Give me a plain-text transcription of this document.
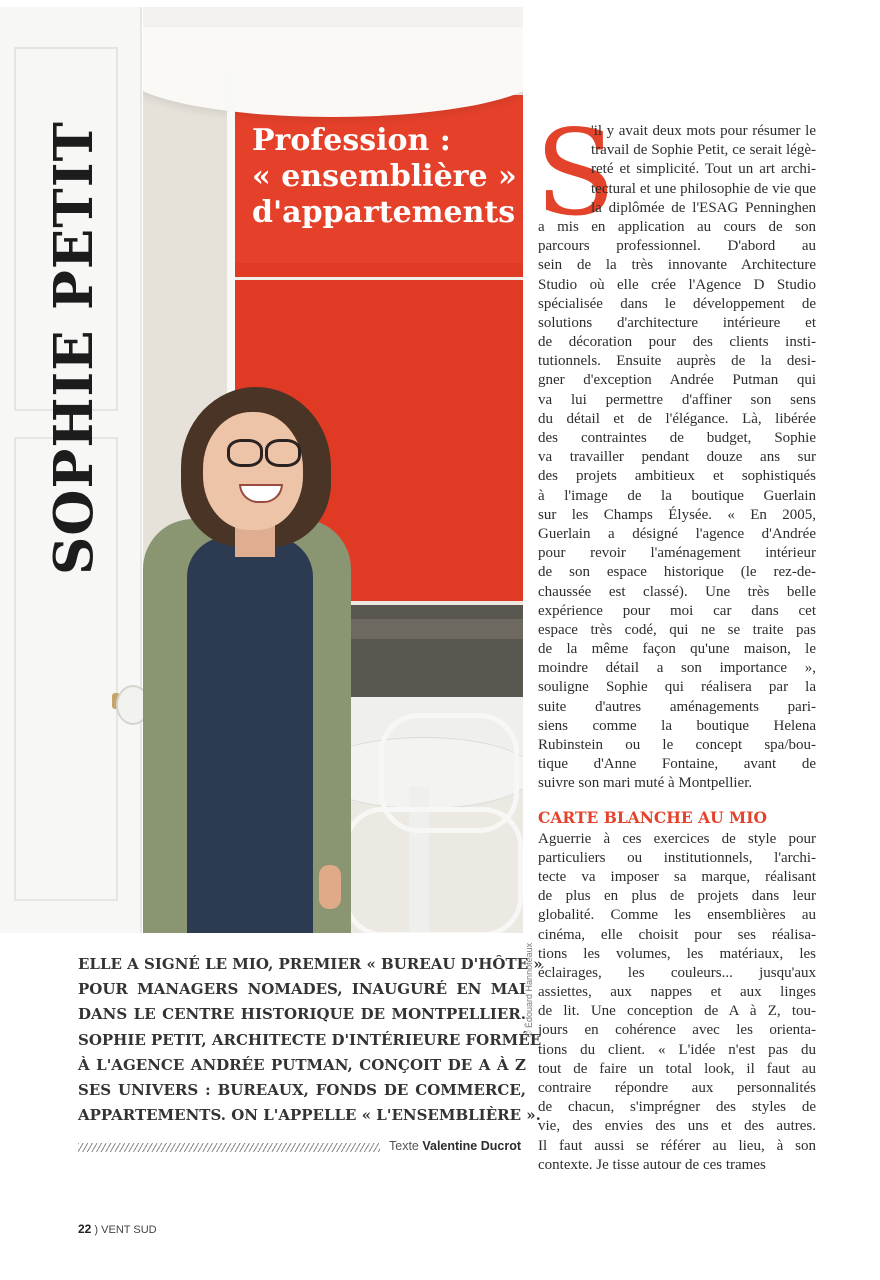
SOPHIE PETIT	Profession :
« ensemblière »
d'appartements
© Édouard Hannoteaux
S
'il y avait deux mots pour résumer le
travail de Sophie Petit, ce serait légè-
reté et simplicité. Tout un art archi-
tectural et une philosophie de vie que
la diplômée de l'ESAG Penninghen
a mis en application au cours de son
parcours professionnel. D'abord au
sein de la très innovante Architecture
Studio où elle crée l'Agence D Studio
spécialisée dans le développement de
solutions d'architecture intérieure et
de décoration pour des clients insti-
tutionnels. Ensuite auprès de la desi-
gner d'exception Andrée Putman qui
va lui permettre d'affiner son sens
du détail et de l'élégance. Là, libérée
des contraintes de budget, Sophie
va travailler pendant douze ans sur
des projets ambitieux et sophistiqués
à l'image de la boutique Guerlain
sur les Champs Élysée. « En 2005,
Guerlain a désigné l'agence d'Andrée
pour revoir l'aménagement intérieur
de son espace historique (le rez-de-
chaussée est classé). Une très belle
expérience pour moi car dans cet
espace très codé, qui ne se traite pas
de la même façon qu'une maison, le
moindre détail a son importance »,
souligne Sophie qui réalisera par la
suite d'autres aménagements pari-
siens comme la boutique Helena
Rubinstein ou le concept spa/bou-
tique d'Anne Fontaine, avant de
suivre son mari muté à Montpellier.
CARTE BLANCHE AU MIO
Aguerrie à ces exercices de style pour
particuliers ou institutionnels, l'archi-
tecte va imposer sa marque, réalisant
de plus en plus de projets dans leur
globalité. Comme les ensemblières au
cinéma, elle choisit pour ses réalisa-
tions les volumes, les matériaux, les
éclairages, les couleurs... jusqu'aux
assiettes, aux nappes et aux linges
de lit. Une conception de A à Z, tou-
jours en cohérence avec les orienta-
tions du client. « L'idée n'est pas du
tout de faire un total look, il faut au
contraire répondre aux personnalités
de chacun, s'imprégner des styles de
vie, des envies des uns et des autres.
Il faut aussi se référer au lieu, à son
contexte. Je tisse autour de ces trames
ELLE A SIGNÉ LE MIO, PREMIER « BUREAU D'HÔTE »
POUR MANAGERS NOMADES, INAUGURÉ EN MAI
DANS LE CENTRE HISTORIQUE DE MONTPELLIER.
SOPHIE PETIT, ARCHITECTE D'INTÉRIEURE FORMÉE
À L'AGENCE ANDRÉE PUTMAN, CONÇOIT DE A À Z
SES UNIVERS : BUREAUX, FONDS DE COMMERCE,
APPARTEMENTS. ON L'APPELLE « L'ENSEMBLIÈRE ».
Texte Valentine Ducrot
22 ) VENT SUD
